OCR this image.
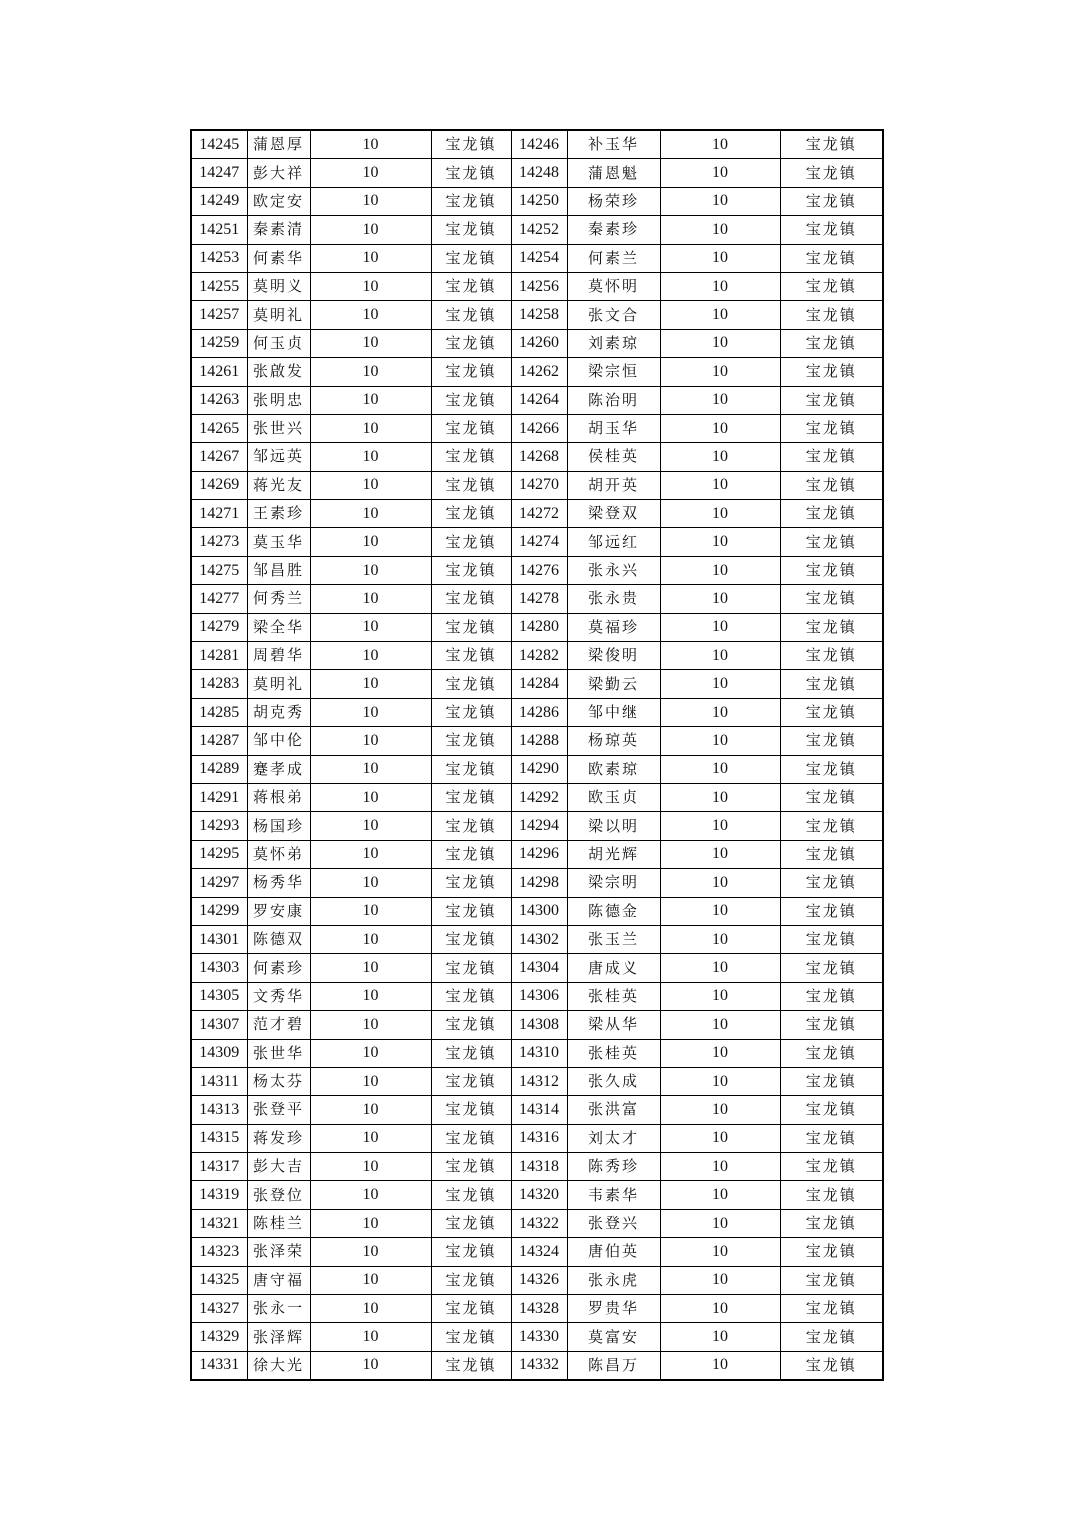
14245	蒲恩厚	10	宝龙镇	14246	补玉华	10	宝龙镇
14247	彭大祥	10	宝龙镇	14248	蒲恩魁	10	宝龙镇
14249	欧定安	10	宝龙镇	14250	杨荣珍	10	宝龙镇
14251	秦素清	10	宝龙镇	14252	秦素珍	10	宝龙镇
14253	何素华	10	宝龙镇	14254	何素兰	10	宝龙镇
14255	莫明义	10	宝龙镇	14256	莫怀明	10	宝龙镇
14257	莫明礼	10	宝龙镇	14258	张文合	10	宝龙镇
14259	何玉贞	10	宝龙镇	14260	刘素琼	10	宝龙镇
14261	张啟发	10	宝龙镇	14262	梁宗恒	10	宝龙镇
14263	张明忠	10	宝龙镇	14264	陈治明	10	宝龙镇
14265	张世兴	10	宝龙镇	14266	胡玉华	10	宝龙镇
14267	邹远英	10	宝龙镇	14268	侯桂英	10	宝龙镇
14269	蒋光友	10	宝龙镇	14270	胡开英	10	宝龙镇
14271	王素珍	10	宝龙镇	14272	梁登双	10	宝龙镇
14273	莫玉华	10	宝龙镇	14274	邹远红	10	宝龙镇
14275	邹昌胜	10	宝龙镇	14276	张永兴	10	宝龙镇
14277	何秀兰	10	宝龙镇	14278	张永贵	10	宝龙镇
14279	梁全华	10	宝龙镇	14280	莫福珍	10	宝龙镇
14281	周碧华	10	宝龙镇	14282	梁俊明	10	宝龙镇
14283	莫明礼	10	宝龙镇	14284	梁勤云	10	宝龙镇
14285	胡克秀	10	宝龙镇	14286	邹中继	10	宝龙镇
14287	邹中伦	10	宝龙镇	14288	杨琼英	10	宝龙镇
14289	蹇孝成	10	宝龙镇	14290	欧素琼	10	宝龙镇
14291	蒋根弟	10	宝龙镇	14292	欧玉贞	10	宝龙镇
14293	杨国珍	10	宝龙镇	14294	梁以明	10	宝龙镇
14295	莫怀弟	10	宝龙镇	14296	胡光辉	10	宝龙镇
14297	杨秀华	10	宝龙镇	14298	梁宗明	10	宝龙镇
14299	罗安康	10	宝龙镇	14300	陈德金	10	宝龙镇
14301	陈德双	10	宝龙镇	14302	张玉兰	10	宝龙镇
14303	何素珍	10	宝龙镇	14304	唐成义	10	宝龙镇
14305	文秀华	10	宝龙镇	14306	张桂英	10	宝龙镇
14307	范才碧	10	宝龙镇	14308	梁从华	10	宝龙镇
14309	张世华	10	宝龙镇	14310	张桂英	10	宝龙镇
14311	杨太芬	10	宝龙镇	14312	张久成	10	宝龙镇
14313	张登平	10	宝龙镇	14314	张洪富	10	宝龙镇
14315	蒋发珍	10	宝龙镇	14316	刘太才	10	宝龙镇
14317	彭大吉	10	宝龙镇	14318	陈秀珍	10	宝龙镇
14319	张登位	10	宝龙镇	14320	韦素华	10	宝龙镇
14321	陈桂兰	10	宝龙镇	14322	张登兴	10	宝龙镇
14323	张泽荣	10	宝龙镇	14324	唐伯英	10	宝龙镇
14325	唐守福	10	宝龙镇	14326	张永虎	10	宝龙镇
14327	张永一	10	宝龙镇	14328	罗贵华	10	宝龙镇
14329	张泽辉	10	宝龙镇	14330	莫富安	10	宝龙镇
14331	徐大光	10	宝龙镇	14332	陈昌万	10	宝龙镇
